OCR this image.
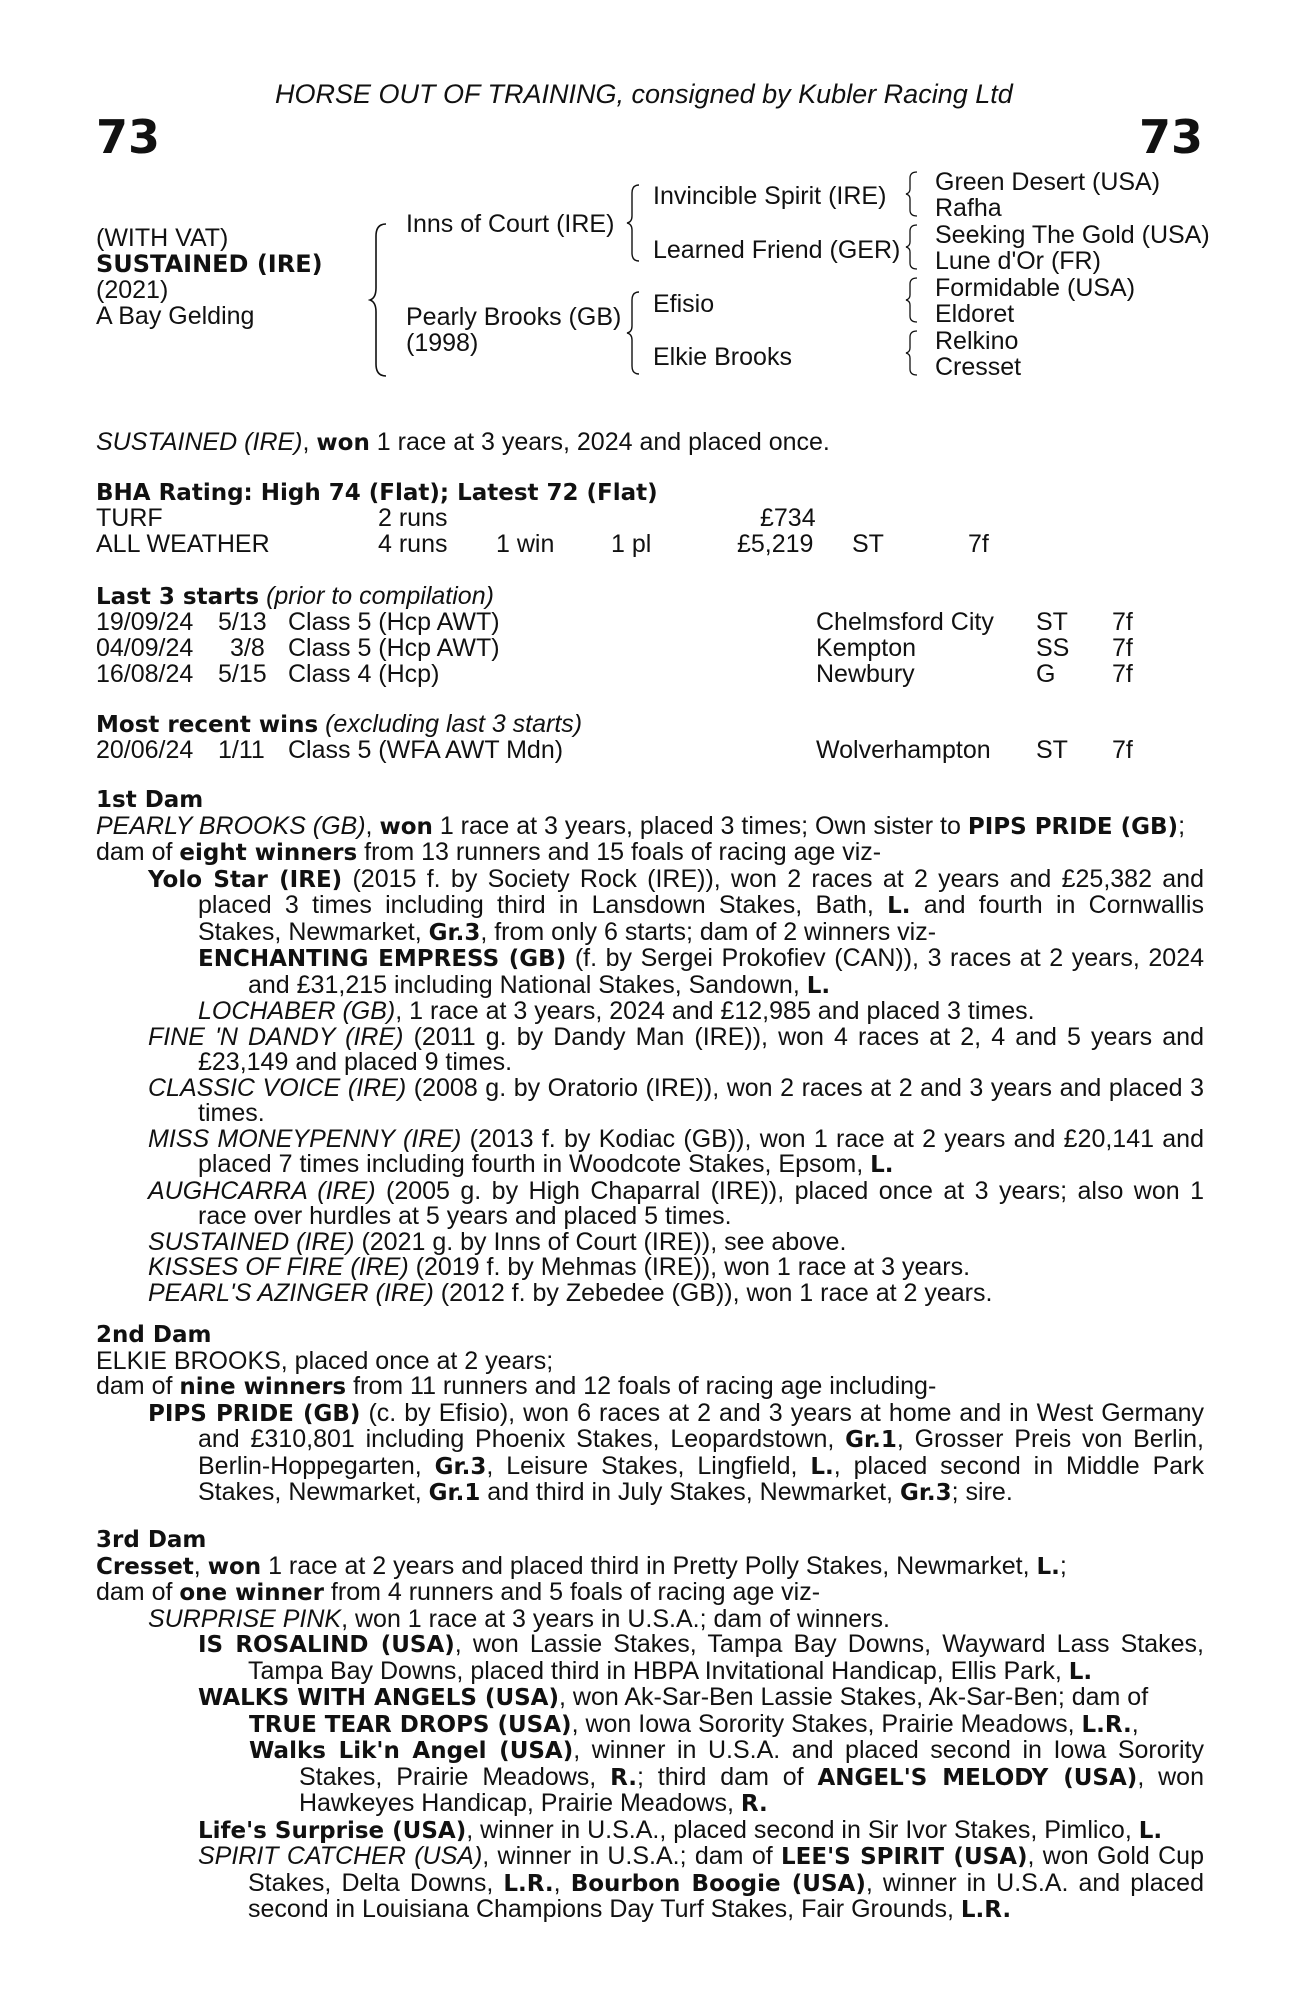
HORSE OUT OF TRAINING, consigned by Kubler Racing Ltd
73	73
(WITH VAT)
SUSTAINED (IRE)
(2021)
A Bay Gelding
Inns of Court (IRE)
Pearly Brooks (GB)
(1998)
Invincible Spirit (IRE)
Learned Friend (GER)
Efisio
Elkie Brooks
Green Desert (USA)
Rafha
Seeking The Gold (USA)
Lune d'Or (FR)
Formidable (USA)
Eldoret
Relkino
Cresset
SUSTAINED (IRE), won 1 race at 3 years, 2024 and placed once.
BHA Rating: High 74 (Flat); Latest 72 (Flat)
TURF	2 runs	£734
ALL WEATHER	4 runs 1 win 1 pl	£5,219 ST	7f
Last 3 starts (prior to compilation)
19/09/24 5/13 Class 5 (Hcp AWT)	Chelmsford City ST 7f
04/09/24 3/8 Class 5 (Hcp AWT)	Kempton	SS 7f
16/08/24 5/15 Class 4 (Hcp)	Newbury	G 7f
Most recent wins (excluding last 3 starts)
20/06/24 1/11 Class 5 (WFA AWT Mdn)	Wolverhampton ST 7f

1st Dam

PEARLY BROOKS (GB), won 1 race at 3 years, placed 3 times; Own sister to PIPS PRIDE (GB);

dam of eight winners from 13 runners and 15 foals of racing age viz-

Yolo Star (IRE) (2015 f. by Society Rock (IRE)), won 2 races at 2 years and £25,382 and placed 3 times including third in Lansdown Stakes, Bath, L. and fourth in Cornwallis Stakes, Newmarket, Gr.3, from only 6 starts; dam of 2 winners viz-

ENCHANTING EMPRESS (GB) (f. by Sergei Prokofiev (CAN)), 3 races at 2 years, 2024 and £31,215 including National Stakes, Sandown, L.

LOCHABER (GB), 1 race at 3 years, 2024 and £12,985 and placed 3 times.

FINE 'N DANDY (IRE) (2011 g. by Dandy Man (IRE)), won 4 races at 2, 4 and 5 years and £23,149 and placed 9 times.

CLASSIC VOICE (IRE) (2008 g. by Oratorio (IRE)), won 2 races at 2 and 3 years and placed 3 times.

MISS MONEYPENNY (IRE) (2013 f. by Kodiac (GB)), won 1 race at 2 years and £20,141 and placed 7 times including fourth in Woodcote Stakes, Epsom, L.

AUGHCARRA (IRE) (2005 g. by High Chaparral (IRE)), placed once at 3 years; also won 1 race over hurdles at 5 years and placed 5 times.

SUSTAINED (IRE) (2021 g. by Inns of Court (IRE)), see above.

KISSES OF FIRE (IRE) (2019 f. by Mehmas (IRE)), won 1 race at 3 years.

PEARL'S AZINGER (IRE) (2012 f. by Zebedee (GB)), won 1 race at 2 years.

2nd Dam

ELKIE BROOKS, placed once at 2 years;

dam of nine winners from 11 runners and 12 foals of racing age including-

PIPS PRIDE (GB) (c. by Efisio), won 6 races at 2 and 3 years at home and in West Germany and £310,801 including Phoenix Stakes, Leopardstown, Gr.1, Grosser Preis von Berlin, Berlin-Hoppegarten, Gr.3, Leisure Stakes, Lingfield, L., placed second in Middle Park Stakes, Newmarket, Gr.1 and third in July Stakes, Newmarket, Gr.3; sire.

3rd Dam

Cresset, won 1 race at 2 years and placed third in Pretty Polly Stakes, Newmarket, L.;

dam of one winner from 4 runners and 5 foals of racing age viz-

SURPRISE PINK, won 1 race at 3 years in U.S.A.; dam of winners.

IS ROSALIND (USA), won Lassie Stakes, Tampa Bay Downs, Wayward Lass Stakes, Tampa Bay Downs, placed third in HBPA Invitational Handicap, Ellis Park, L.

WALKS WITH ANGELS (USA), won Ak-Sar-Ben Lassie Stakes, Ak-Sar-Ben; dam of

TRUE TEAR DROPS (USA), won Iowa Sorority Stakes, Prairie Meadows, L.R.,

Walks Lik'n Angel (USA), winner in U.S.A. and placed second in Iowa Sorority Stakes, Prairie Meadows, R.; third dam of ANGEL'S MELODY (USA), won Hawkeyes Handicap, Prairie Meadows, R.

Life's Surprise (USA), winner in U.S.A., placed second in Sir Ivor Stakes, Pimlico, L.

SPIRIT CATCHER (USA), winner in U.S.A.; dam of LEE'S SPIRIT (USA), won Gold Cup Stakes, Delta Downs, L.R., Bourbon Boogie (USA), winner in U.S.A. and placed second in Louisiana Champions Day Turf Stakes, Fair Grounds, L.R.
